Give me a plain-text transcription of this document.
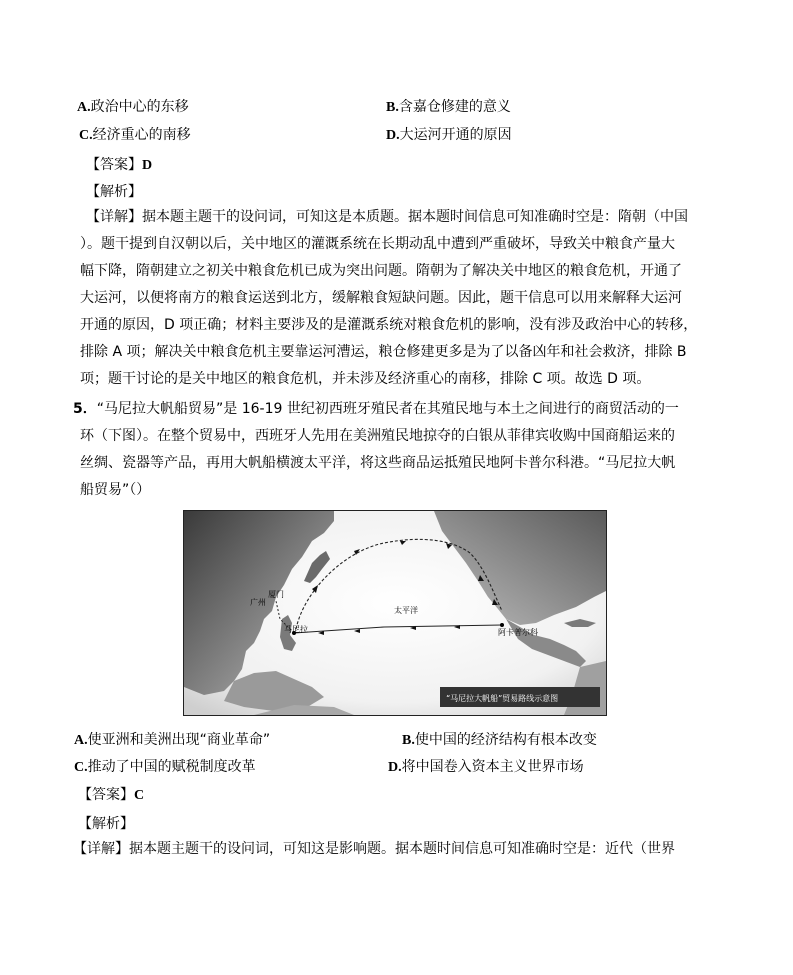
A.政治中心的东移	B.含嘉仓修建的意义
C.经济重心的南移	D.大运河开通的原因
【答案】D
【解析】
【详解】据本题主题干的设问词，可知这是本质题。据本题时间信息可知准确时空是：隋朝（中国
）。题干提到自汉朝以后，关中地区的灌溉系统在长期动乱中遭到严重破坏，导致关中粮食产量大
幅下降，隋朝建立之初关中粮食危机已成为突出问题。隋朝为了解决关中地区的粮食危机，开通了
大运河，以便将南方的粮食运送到北方，缓解粮食短缺问题。因此，题干信息可以用来解释大运河
开通的原因，D 项正确；材料主要涉及的是灌溉系统对粮食危机的影响，没有涉及政治中心的转移，
排除 A 项；解决关中粮食危机主要靠运河漕运，粮仓修建更多是为了以备凶年和社会救济，排除 B
项；题干讨论的是关中地区的粮食危机，并未涉及经济重心的南移，排除 C 项。故选 D 项。
5．“马尼拉大帆船贸易”是 16-19 世纪初西班牙殖民者在其殖民地与本土之间进行的商贸活动的一
环（下图）。在整个贸易中，西班牙人先用在美洲殖民地掠夺的白银从菲律宾收购中国商船运来的
丝绸、瓷器等产品，再用大帆船横渡太平洋，将这些商品运抵殖民地阿卡普尔科港。“马尼拉大帆
船贸易”（）
广州
厦门
马尼拉
太平洋
阿卡普尔科
“马尼拉大帆船”贸易路线示意图
A.使亚洲和美洲出现“商业革命”	B.使中国的经济结构有根本改变
C.推动了中国的赋税制度改革	D.将中国卷入资本主义世界市场
【答案】C
【解析】
【详解】据本题主题干的设问词，可知这是影响题。据本题时间信息可知准确时空是：近代（世界
